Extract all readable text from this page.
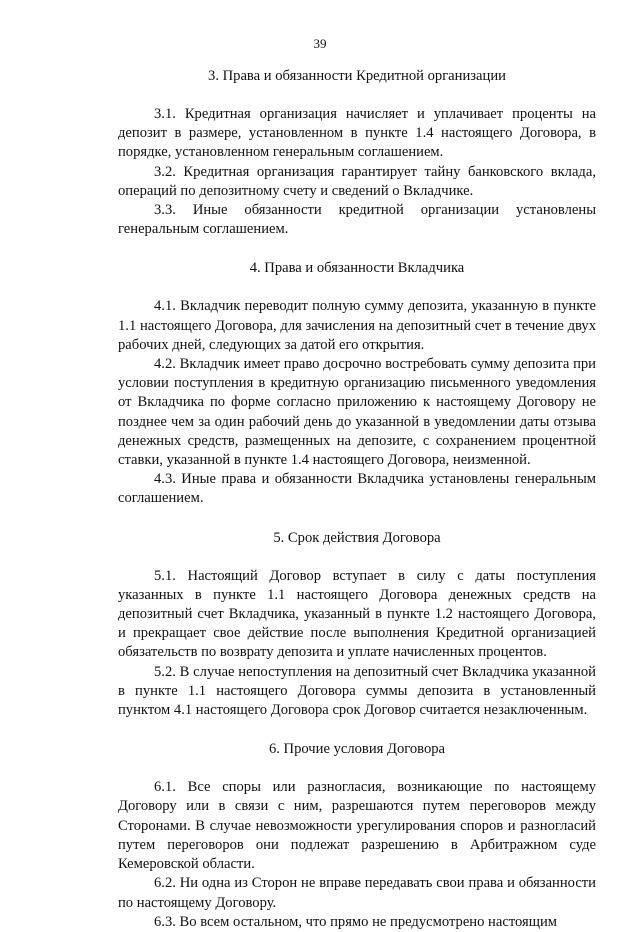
39

3. Права и обязанности Кредитной организации

3.1. Кредитная организация начисляет и уплачивает проценты на депозит в размере, установленном в пункте 1.4 настоящего Договора, в порядке, установленном генеральным соглашением.

3.2. Кредитная организация гарантирует тайну банковского вклада, операций по депозитному счету и сведений о Вкладчике.

3.3. Иные обязанности кредитной организации установлены генеральным соглашением.

4. Права и обязанности Вкладчика

4.1. Вкладчик переводит полную сумму депозита, указанную в пункте 1.1 настоящего Договора, для зачисления на депозитный счет в течение двух рабочих дней, следующих за датой его открытия.

4.2. Вкладчик имеет право досрочно востребовать сумму депозита при условии поступления в кредитную организацию письменного уведомления от Вкладчика по форме согласно приложению к настоящему Договору не позднее чем за один рабочий день до указанной в уведомлении даты отзыва денежных средств, размещенных на депозите, с сохранением процентной ставки, указанной в пункте 1.4 настоящего Договора, неизменной.

4.3. Иные права и обязанности Вкладчика установлены генеральным соглашением.

5. Срок действия Договора

5.1. Настоящий Договор вступает в силу с даты поступления указанных в пункте 1.1 настоящего Договора денежных средств на депозитный счет Вкладчика, указанный в пункте 1.2 настоящего Договора, и прекращает свое действие после выполнения Кредитной организацией обязательств по возврату депозита и уплате начисленных процентов.

5.2. В случае непоступления на депозитный счет Вкладчика указанной в пункте 1.1 настоящего Договора суммы депозита в установленный пунктом 4.1 настоящего Договора срок Договор считается незаключенным.

6. Прочие условия Договора

6.1. Все споры или разногласия, возникающие по настоящему Договору или в связи с ним, разрешаются путем переговоров между Сторонами. В случае невозможности урегулирования споров и разногласий путем переговоров они подлежат разрешению в Арбитражном суде Кемеровской области.

6.2. Ни одна из Сторон не вправе передавать свои права и обязанности по настоящему Договору.

6.3. Во всем остальном, что прямо не предусмотрено настоящим
